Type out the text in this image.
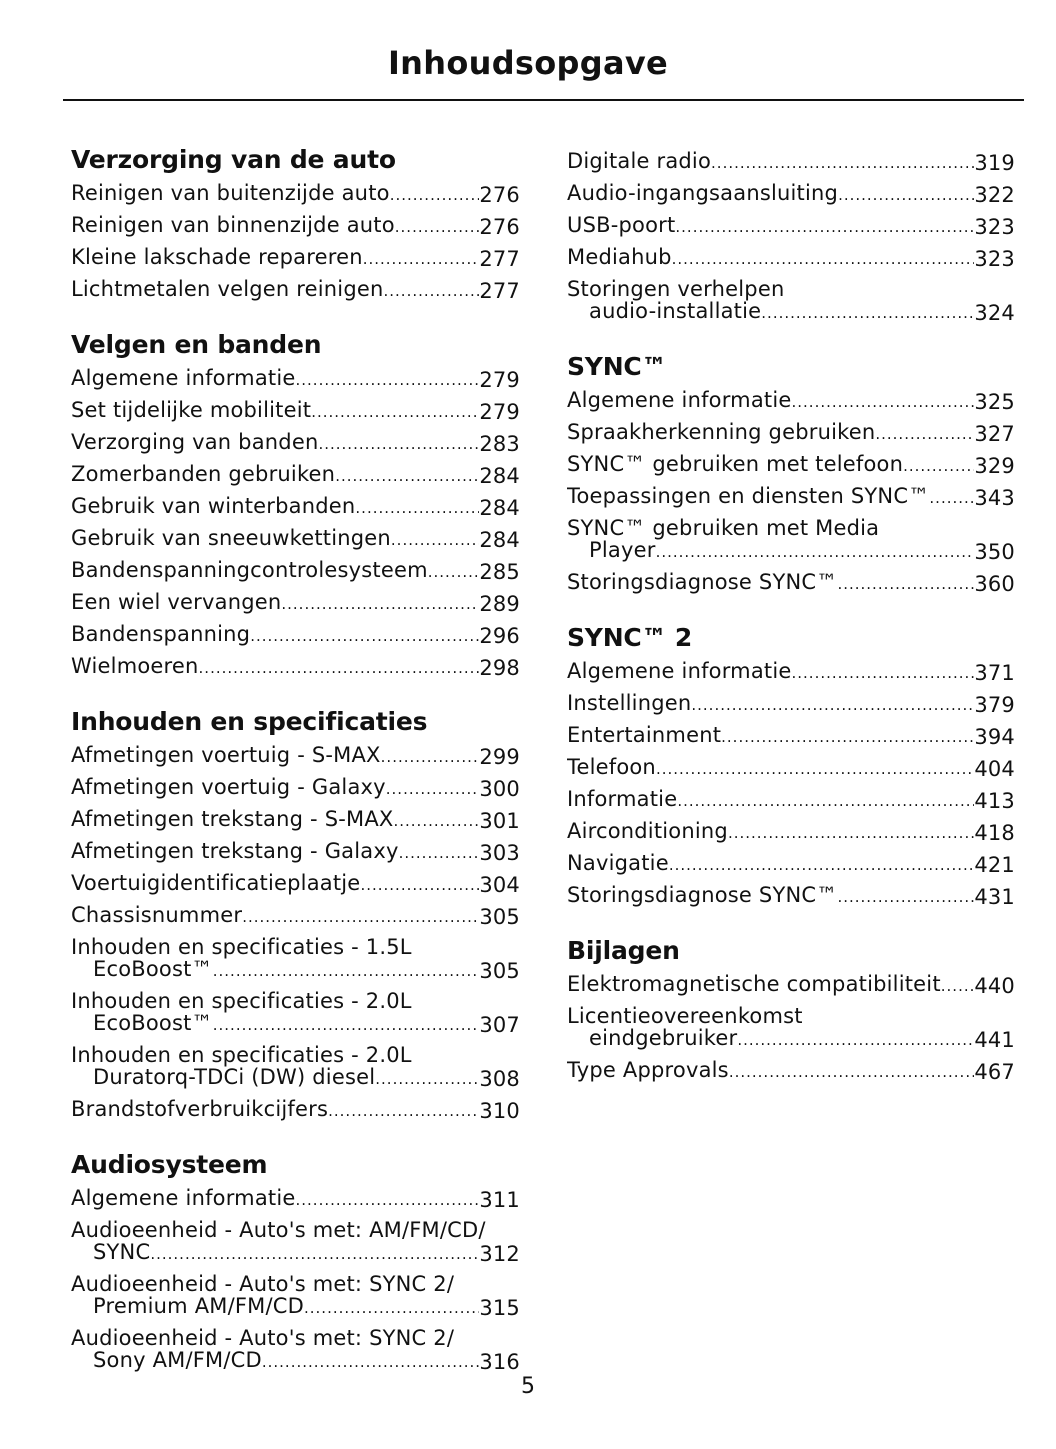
Inhoudsopgave
Verzorging van de auto
Reinigen van buitenzijde auto .....	276
Reinigen van binnenzijde auto .....	276
Kleine lakschade repareren .....	277
Lichtmetalen velgen reinigen .....	277
Velgen en banden
Algemene informatie .....	279
Set tijdelijke mobiliteit .....	279
Verzorging van banden .....	283
Zomerbanden gebruiken .....	284
Gebruik van winterbanden .....	284
Gebruik van sneeuwkettingen .....	284
Bandenspanningcontrolesysteem .....	285
Een wiel vervangen .....	289
Bandenspanning .....	296
Wielmoeren .....	298
Inhouden en specificaties
Afmetingen voertuig - S-MAX .....	299
Afmetingen voertuig - Galaxy .....	300
Afmetingen trekstang - S-MAX .....	301
Afmetingen trekstang - Galaxy .....	303
Voertuigidentificatieplaatje .....	304
Chassisnummer .....	305
Inhouden en specificaties - 1.5L
EcoBoost™ .....	305
Inhouden en specificaties - 2.0L
EcoBoost™ .....	307
Inhouden en specificaties - 2.0L
Duratorq-TDCi (DW) diesel .....	308
Brandstofverbruikcijfers .....	310
Audiosysteem
Algemene informatie .....	311
Audioeenheid - Auto's met: AM/FM/CD/
SYNC .....	312
Audioeenheid - Auto's met: SYNC 2/
Premium AM/FM/CD .....	315
Audioeenheid - Auto's met: SYNC 2/
Sony AM/FM/CD .....	316
Digitale radio .....	319
Audio-ingangsaansluiting .....	322
USB-poort .....	323
Mediahub .....	323
Storingen verhelpen
audio-installatie .....	324
SYNC™
Algemene informatie .....	325
Spraakherkenning gebruiken .....	327
SYNC™ gebruiken met telefoon .....	329
Toepassingen en diensten SYNC™ .....	343
SYNC™ gebruiken met Media
Player .....	350
Storingsdiagnose SYNC™ .....	360
SYNC™ 2
Algemene informatie .....	371
Instellingen .....	379
Entertainment .....	394
Telefoon .....	404
Informatie .....	413
Airconditioning .....	418
Navigatie .....	421
Storingsdiagnose SYNC™ .....	431
Bijlagen
Elektromagnetische compatibiliteit .....	440
Licentieovereenkomst
eindgebruiker .....	441
Type Approvals .....	467
5
